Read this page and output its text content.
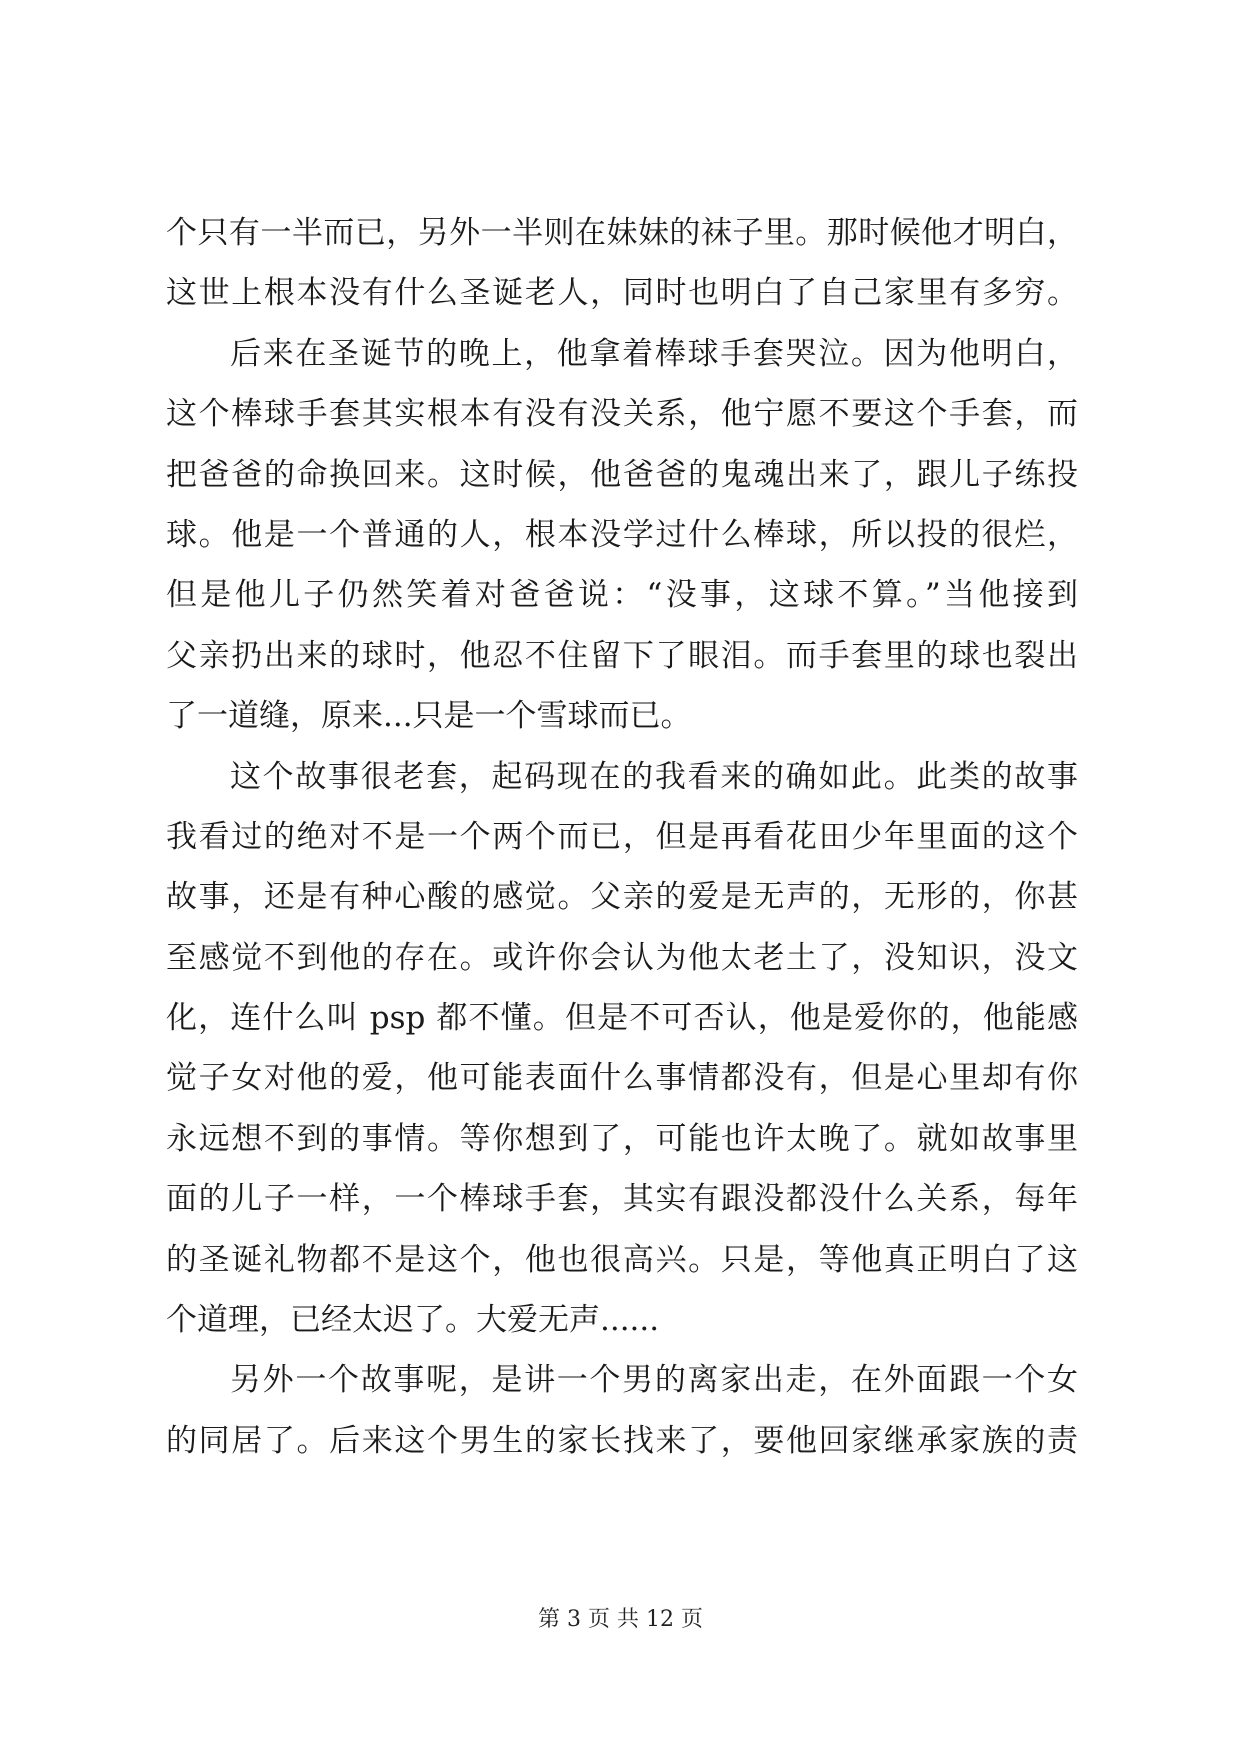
个只有一半而已，另外一半则在妹妹的袜子里。那时候他才明白，
这世上根本没有什么圣诞老人，同时也明白了自己家里有多穷。
后来在圣诞节的晚上，他拿着棒球手套哭泣。因为他明白，
这个棒球手套其实根本有没有没关系，他宁愿不要这个手套，而
把爸爸的命换回来。这时候，他爸爸的鬼魂出来了，跟儿子练投
球。他是一个普通的人，根本没学过什么棒球，所以投的很烂，
但是他儿子仍然笑着对爸爸说：“没事，这球不算。”当他接到
父亲扔出来的球时，他忍不住留下了眼泪。而手套里的球也裂出
了一道缝，原来...只是一个雪球而已。
这个故事很老套，起码现在的我看来的确如此。此类的故事
我看过的绝对不是一个两个而已，但是再看花田少年里面的这个
故事，还是有种心酸的感觉。父亲的爱是无声的，无形的，你甚
至感觉不到他的存在。或许你会认为他太老土了，没知识，没文
化，连什么叫 psp 都不懂。但是不可否认，他是爱你的，他能感
觉子女对他的爱，他可能表面什么事情都没有，但是心里却有你
永远想不到的事情。等你想到了，可能也许太晚了。就如故事里
面的儿子一样，一个棒球手套，其实有跟没都没什么关系，每年
的圣诞礼物都不是这个，他也很高兴。只是，等他真正明白了这
个道理，已经太迟了。大爱无声......
另外一个故事呢，是讲一个男的离家出走，在外面跟一个女
的同居了。后来这个男生的家长找来了，要他回家继承家族的责
第 3 页 共 12 页
